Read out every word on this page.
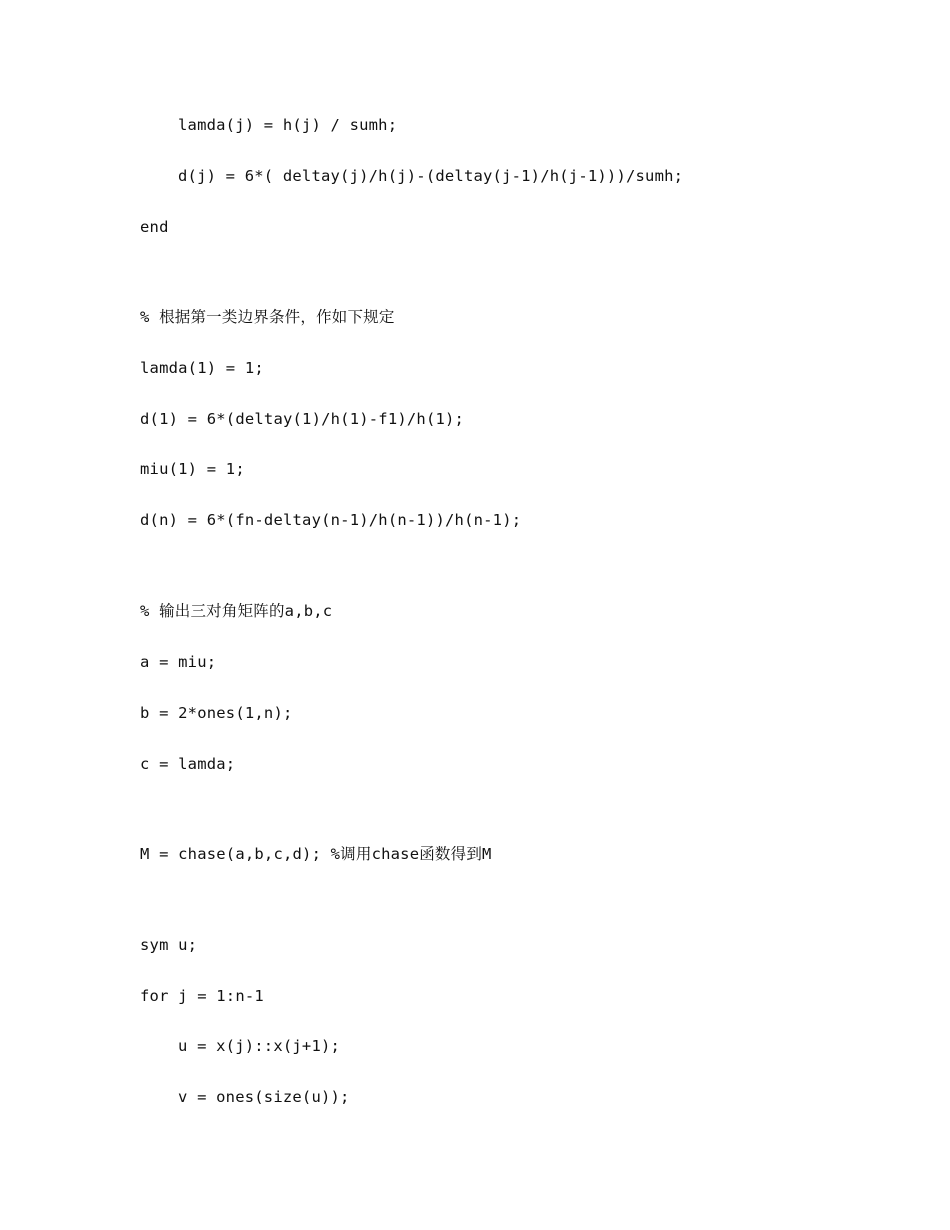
lamda(j) = h(j) / sumh;
d(j) = 6*( deltay(j)/h(j)-(deltay(j-1)/h(j-1)))/sumh;
end
% 根据第一类边界条件，作如下规定
lamda(1) = 1;
d(1) = 6*(deltay(1)/h(1)-f1)/h(1);
miu(1) = 1;
d(n) = 6*(fn-deltay(n-1)/h(n-1))/h(n-1);
% 输出三对角矩阵的a,b,c
a = miu;
b = 2*ones(1,n);
c = lamda;
M = chase(a,b,c,d); %调用chase函数得到M
sym u;
for j = 1:n-1
u = x(j)::x(j+1);
v = ones(size(u));
